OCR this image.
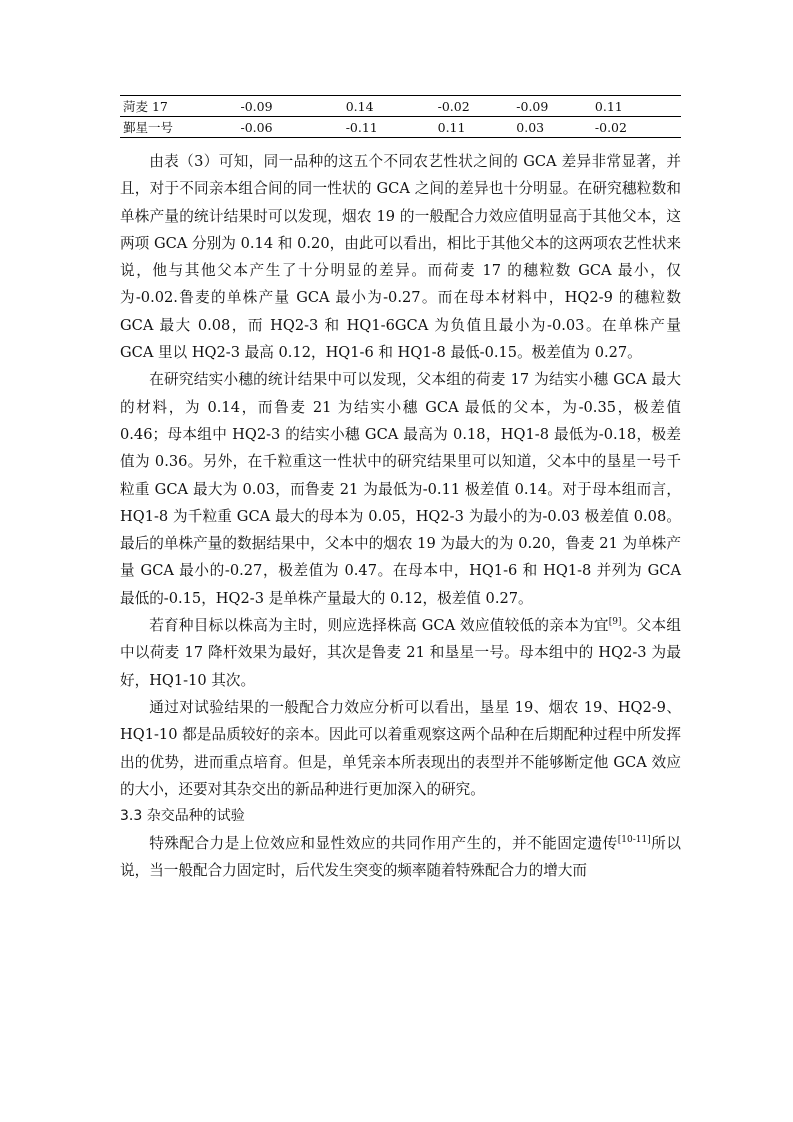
菏麦 17	-0.09	0.14	-0.02	-0.09	0.11
鄞星一号	-0.06	-0.11	0.11	0.03	-0.02

由表（3）可知，同一品种的这五个不同农艺性状之间的 GCA 差异非常显著，并且，对于不同亲本组合间的同一性状的 GCA 之间的差异也十分明显。在研究穗粒数和单株产量的统计结果时可以发现，烟农 19 的一般配合力效应值明显高于其他父本，这两项 GCA 分别为 0.14 和 0.20，由此可以看出，相比于其他父本的这两项农艺性状来说，他与其他父本产生了十分明显的差异。而荷麦 17 的穗粒数 GCA 最小，仅为-0.02.鲁麦的单株产量 GCA 最小为-0.27。而在母本材料中，HQ2-9 的穗粒数 GCA 最大 0.08，而 HQ2-3 和 HQ1-6GCA 为负值且最小为-0.03。在单株产量 GCA 里以 HQ2-3 最高 0.12，HQ1-6 和 HQ1-8 最低-0.15。极差值为 0.27。

在研究结实小穗的统计结果中可以发现，父本组的荷麦 17 为结实小穗 GCA 最大的材料，为 0.14，而鲁麦 21 为结实小穗 GCA 最低的父本，为-0.35，极差值 0.46；母本组中 HQ2-3 的结实小穗 GCA 最高为 0.18，HQ1-8 最低为-0.18，极差值为 0.36。另外，在千粒重这一性状中的研究结果里可以知道，父本中的垦星一号千粒重 GCA 最大为 0.03，而鲁麦 21 为最低为-0.11 极差值 0.14。对于母本组而言，HQ1-8 为千粒重 GCA 最大的母本为 0.05，HQ2-3 为最小的为-0.03 极差值 0.08。最后的单株产量的数据结果中，父本中的烟农 19 为最大的为 0.20，鲁麦 21 为单株产量 GCA 最小的-0.27，极差值为 0.47。在母本中，HQ1-6 和 HQ1-8 并列为 GCA 最低的-0.15，HQ2-3 是单株产量最大的 0.12，极差值 0.27。

若育种目标以株高为主时，则应选择株高 GCA 效应值较低的亲本为宜[9]。父本组中以荷麦 17 降杆效果为最好，其次是鲁麦 21 和垦星一号。母本组中的 HQ2-3 为最好，HQ1-10 其次。

通过对试验结果的一般配合力效应分析可以看出，垦星 19、烟农 19、HQ2-9、HQ1-10 都是品质较好的亲本。因此可以着重观察这两个品种在后期配种过程中所发挥出的优势，进而重点培育。但是，单凭亲本所表现出的表型并不能够断定他 GCA 效应的大小，还要对其杂交出的新品种进行更加深入的研究。

3.3 杂交品种的试验

特殊配合力是上位效应和显性效应的共同作用产生的，并不能固定遗传[10-11]所以说，当一般配合力固定时，后代发生突变的频率随着特殊配合力的增大而
